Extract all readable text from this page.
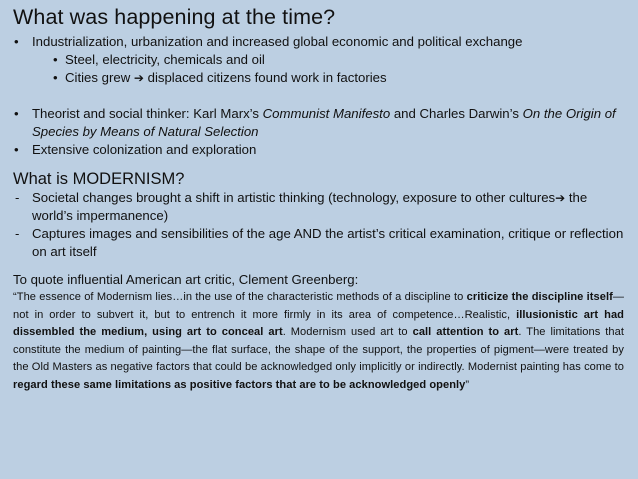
What was happening at the time?
• Industrialization, urbanization and increased global economic and political exchange
• Steel, electricity, chemicals and oil
• Cities grew ➔ displaced citizens found work in factories
• Theorist and social thinker: Karl Marx’s Communist Manifesto and Charles Darwin’s On the Origin of Species by Means of Natural Selection
• Extensive colonization and exploration
What is MODERNISM?
- Societal changes brought a shift in artistic thinking (technology, exposure to other cultures➔ the world’s impermanence)
- Captures images and sensibilities of the age AND the artist’s critical examination, critique or reflection on art itself

To quote influential American art critic, Clement Greenberg:

“The essence of Modernism lies…in the use of the characteristic methods of a discipline to criticize the discipline itself—not in order to subvert it, but to entrench it more firmly in its area of competence…Realistic, illusionistic art had dissembled the medium, using art to conceal art. Modernism used art to call attention to art. The limitations that constitute the medium of painting—the flat surface, the shape of the support, the properties of pigment—were treated by the Old Masters as negative factors that could be acknowledged only implicitly or indirectly. Modernist painting has come to regard these same limitations as positive factors that are to be acknowledged openly”
